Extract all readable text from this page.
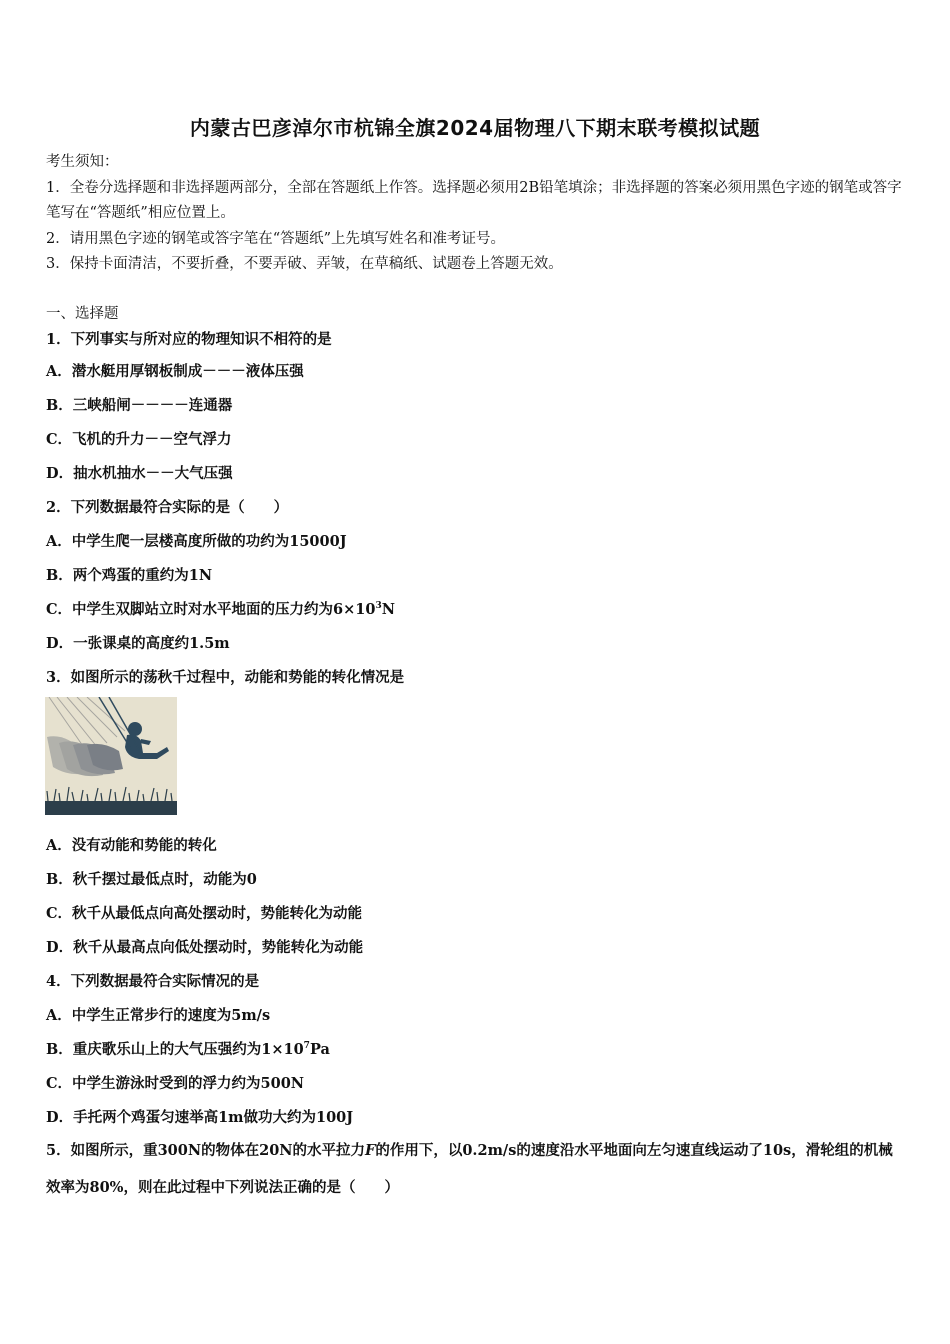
内蒙古巴彦淖尔市杭锦全旗2024届物理八下期末联考模拟试题

考生须知：

1．全卷分选择题和非选择题两部分，全部在答题纸上作答。选择题必须用2B铅笔填涂；非选择题的答案必须用黑色字迹的钢笔或答字笔写在“答题纸”相应位置上。

2．请用黑色字迹的钢笔或答字笔在“答题纸”上先填写姓名和准考证号。

3．保持卡面清洁，不要折叠，不要弄破、弄皱，在草稿纸、试题卷上答题无效。

一、选择题
1．下列事实与所对应的物理知识不相符的是
A．潜水艇用厚钢板制成－－－液体压强
B．三峡船闸－－－－连通器
C．飞机的升力－－空气浮力
D．抽水机抽水－－大气压强
2．下列数据最符合实际的是（　　）
A．中学生爬一层楼高度所做的功约为15000J
B．两个鸡蛋的重约为1N
C．中学生双脚站立时对水平地面的压力约为$6\times 10^3N$
D．一张课桌的高度约1.5m
3．如图所示的荡秋千过程中，动能和势能的转化情况是
A．没有动能和势能的转化
B．秋千摆过最低点时，动能为0
C．秋千从最低点向高处摆动时，势能转化为动能
D．秋千从最高点向低处摆动时，势能转化为动能
4．下列数据最符合实际情况的是
A．中学生正常步行的速度为5m/s
B．重庆歌乐山上的大气压强约为$1\times 10^7Pa$
C．中学生游泳时受到的浮力约为500N
D．手托两个鸡蛋匀速举高1m做功大约为100J
5．如图所示，重300N的物体在20N的水平拉力F的作用下，以0.2m/s的速度沿水平地面向左匀速直线运动了10s，滑轮组的机械效率为80%，则在此过程中下列说法正确的是（　　）
